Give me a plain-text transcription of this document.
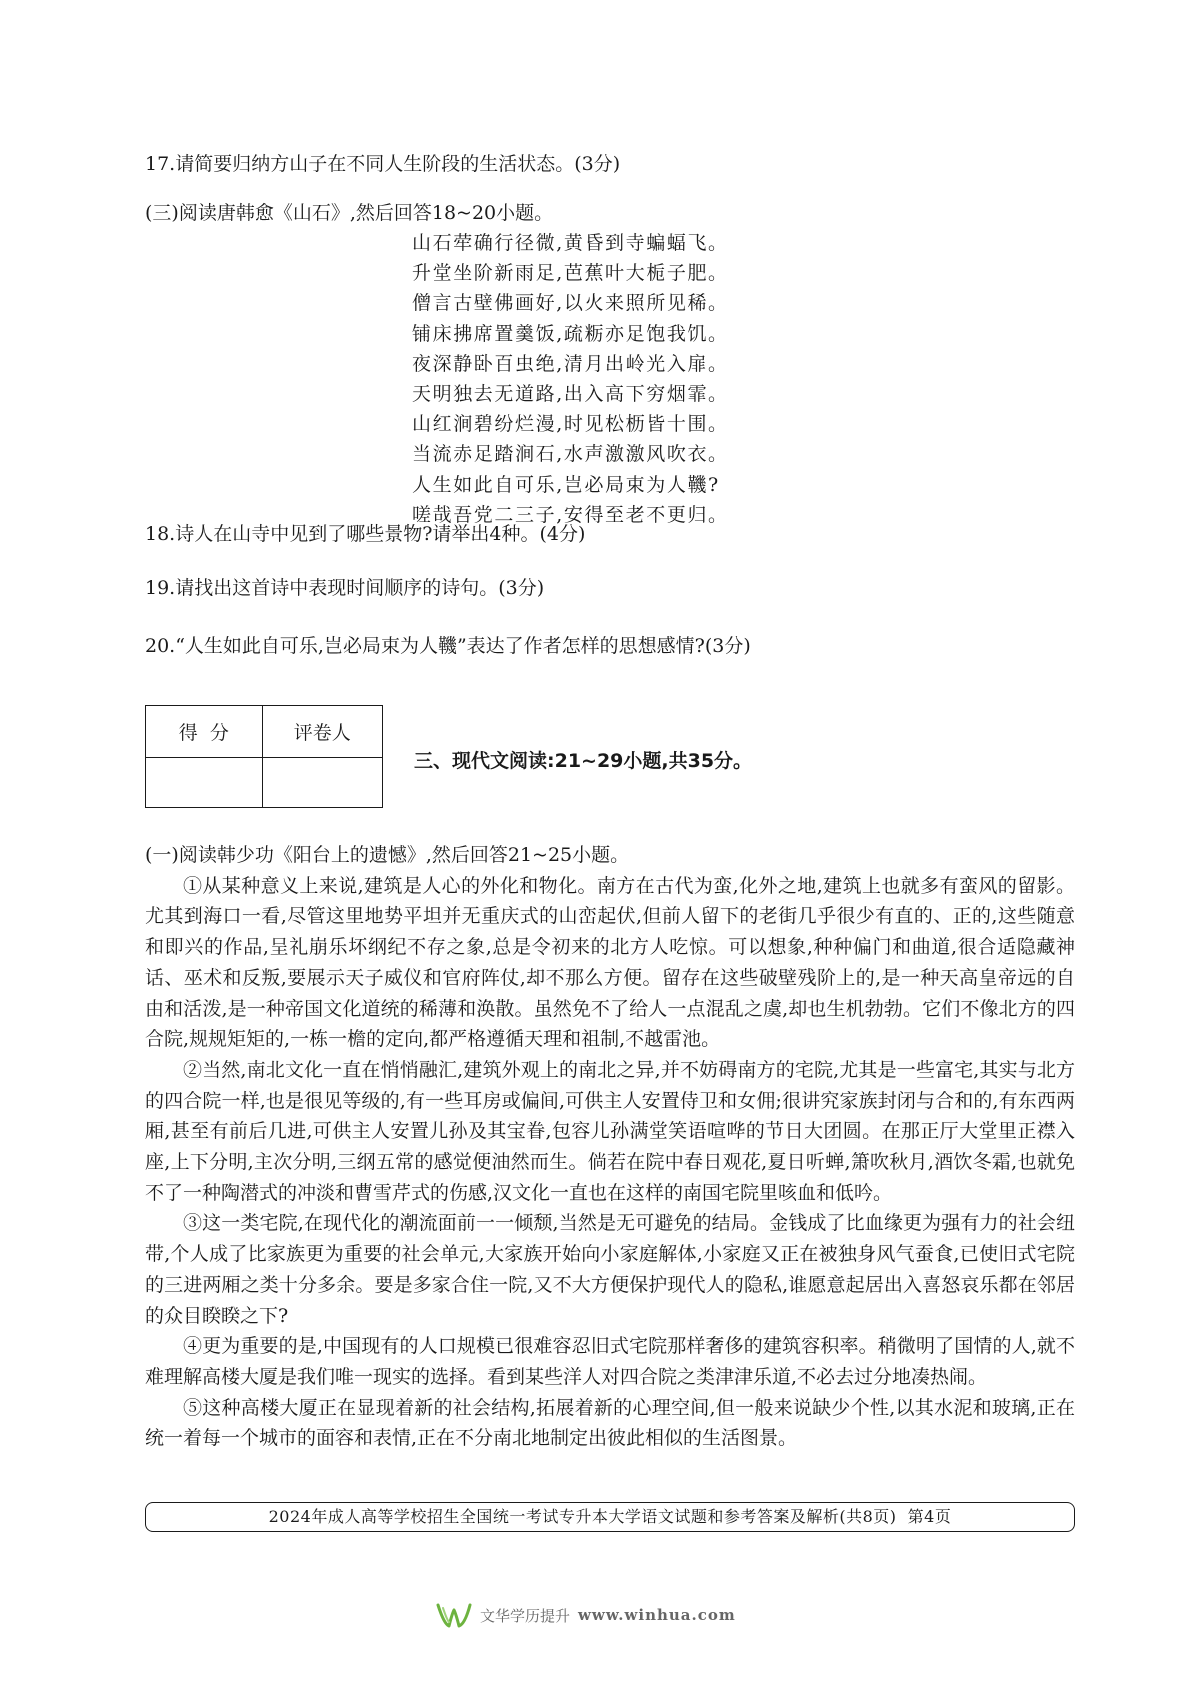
17.请简要归纳方山子在不同人生阶段的生活状态。(3分)
(三)阅读唐韩愈《山石》,然后回答18~20小题。
山石荦确行径微,黄昏到寺蝙蝠飞。
升堂坐阶新雨足,芭蕉叶大栀子肥。
僧言古壁佛画好,以火来照所见稀。
铺床拂席置羹饭,疏粝亦足饱我饥。
夜深静卧百虫绝,清月出岭光入扉。
天明独去无道路,出入高下穷烟霏。
山红涧碧纷烂漫,时见松枥皆十围。
当流赤足踏涧石,水声激激风吹衣。
人生如此自可乐,岂必局束为人鞿?
嗟哉吾党二三子,安得至老不更归。
18.诗人在山寺中见到了哪些景物?请举出4种。(4分)
19.请找出这首诗中表现时间顺序的诗句。(3分)
20.“人生如此自可乐,岂必局束为人鞿”表达了作者怎样的思想感情?(3分)
得  分	评卷人
三、现代文阅读:21~29小题,共35分。
(一)阅读韩少功《阳台上的遗憾》,然后回答21~25小题。
①从某种意义上来说,建筑是人心的外化和物化。南方在古代为蛮,化外之地,建筑上也就多有蛮风的留影。尤其到海口一看,尽管这里地势平坦并无重庆式的山峦起伏,但前人留下的老街几乎很少有直的、正的,这些随意和即兴的作品,呈礼崩乐坏纲纪不存之象,总是令初来的北方人吃惊。可以想象,种种偏门和曲道,很合适隐藏神话、巫术和反叛,要展示天子威仪和官府阵仗,却不那么方便。留存在这些破壁残阶上的,是一种天高皇帝远的自由和活泼,是一种帝国文化道统的稀薄和涣散。虽然免不了给人一点混乱之虞,却也生机勃勃。它们不像北方的四合院,规规矩矩的,一栋一檐的定向,都严格遵循天理和祖制,不越雷池。
②当然,南北文化一直在悄悄融汇,建筑外观上的南北之异,并不妨碍南方的宅院,尤其是一些富宅,其实与北方的四合院一样,也是很见等级的,有一些耳房或偏间,可供主人安置侍卫和女佣;很讲究家族封闭与合和的,有东西两厢,甚至有前后几进,可供主人安置儿孙及其宝眷,包容儿孙满堂笑语喧哗的节日大团圆。在那正厅大堂里正襟入座,上下分明,主次分明,三纲五常的感觉便油然而生。倘若在院中春日观花,夏日听蝉,箫吹秋月,酒饮冬霜,也就免不了一种陶潜式的冲淡和曹雪芹式的伤感,汉文化一直也在这样的南国宅院里咳血和低吟。
③这一类宅院,在现代化的潮流面前一一倾颓,当然是无可避免的结局。金钱成了比血缘更为强有力的社会纽带,个人成了比家族更为重要的社会单元,大家族开始向小家庭解体,小家庭又正在被独身风气蚕食,已使旧式宅院的三进两厢之类十分多余。要是多家合住一院,又不大方便保护现代人的隐私,谁愿意起居出入喜怒哀乐都在邻居的众目睽睽之下?
④更为重要的是,中国现有的人口规模已很难容忍旧式宅院那样奢侈的建筑容积率。稍微明了国情的人,就不难理解高楼大厦是我们唯一现实的选择。看到某些洋人对四合院之类津津乐道,不必去过分地凑热闹。
⑤这种高楼大厦正在显现着新的社会结构,拓展着新的心理空间,但一般来说缺少个性,以其水泥和玻璃,正在统一着每一个城市的面容和表情,正在不分南北地制定出彼此相似的生活图景。
2024年成人高等学校招生全国统一考试专升本大学语文试题和参考答案及解析(共8页)  第4页
文华学历提升 www.winhua.com
